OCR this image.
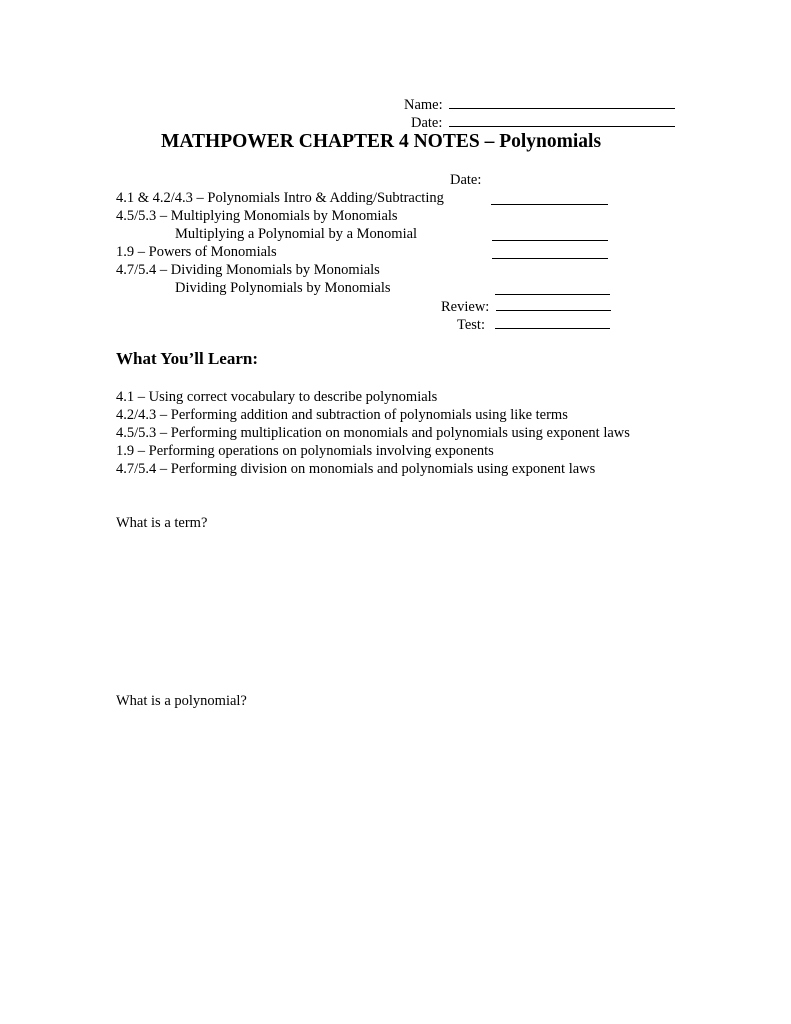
Name:
Date:
MATHPOWER CHAPTER 4 NOTES – Polynomials
Date:
4.1 & 4.2/4.3 – Polynomials Intro & Adding/Subtracting
4.5/5.3 – Multiplying Monomials by Monomials
Multiplying a Polynomial by a Monomial
1.9 – Powers of Monomials
4.7/5.4 – Dividing Monomials by Monomials
Dividing Polynomials by Monomials
Review:
Test:
What You’ll Learn:
4.1 – Using correct vocabulary to describe polynomials
4.2/4.3 – Performing addition and subtraction of polynomials using like terms
4.5/5.3 – Performing multiplication on monomials and polynomials using exponent laws
1.9 – Performing operations on polynomials involving exponents
4.7/5.4 – Performing division on monomials and polynomials using exponent laws
What is a term?
What is a polynomial?
